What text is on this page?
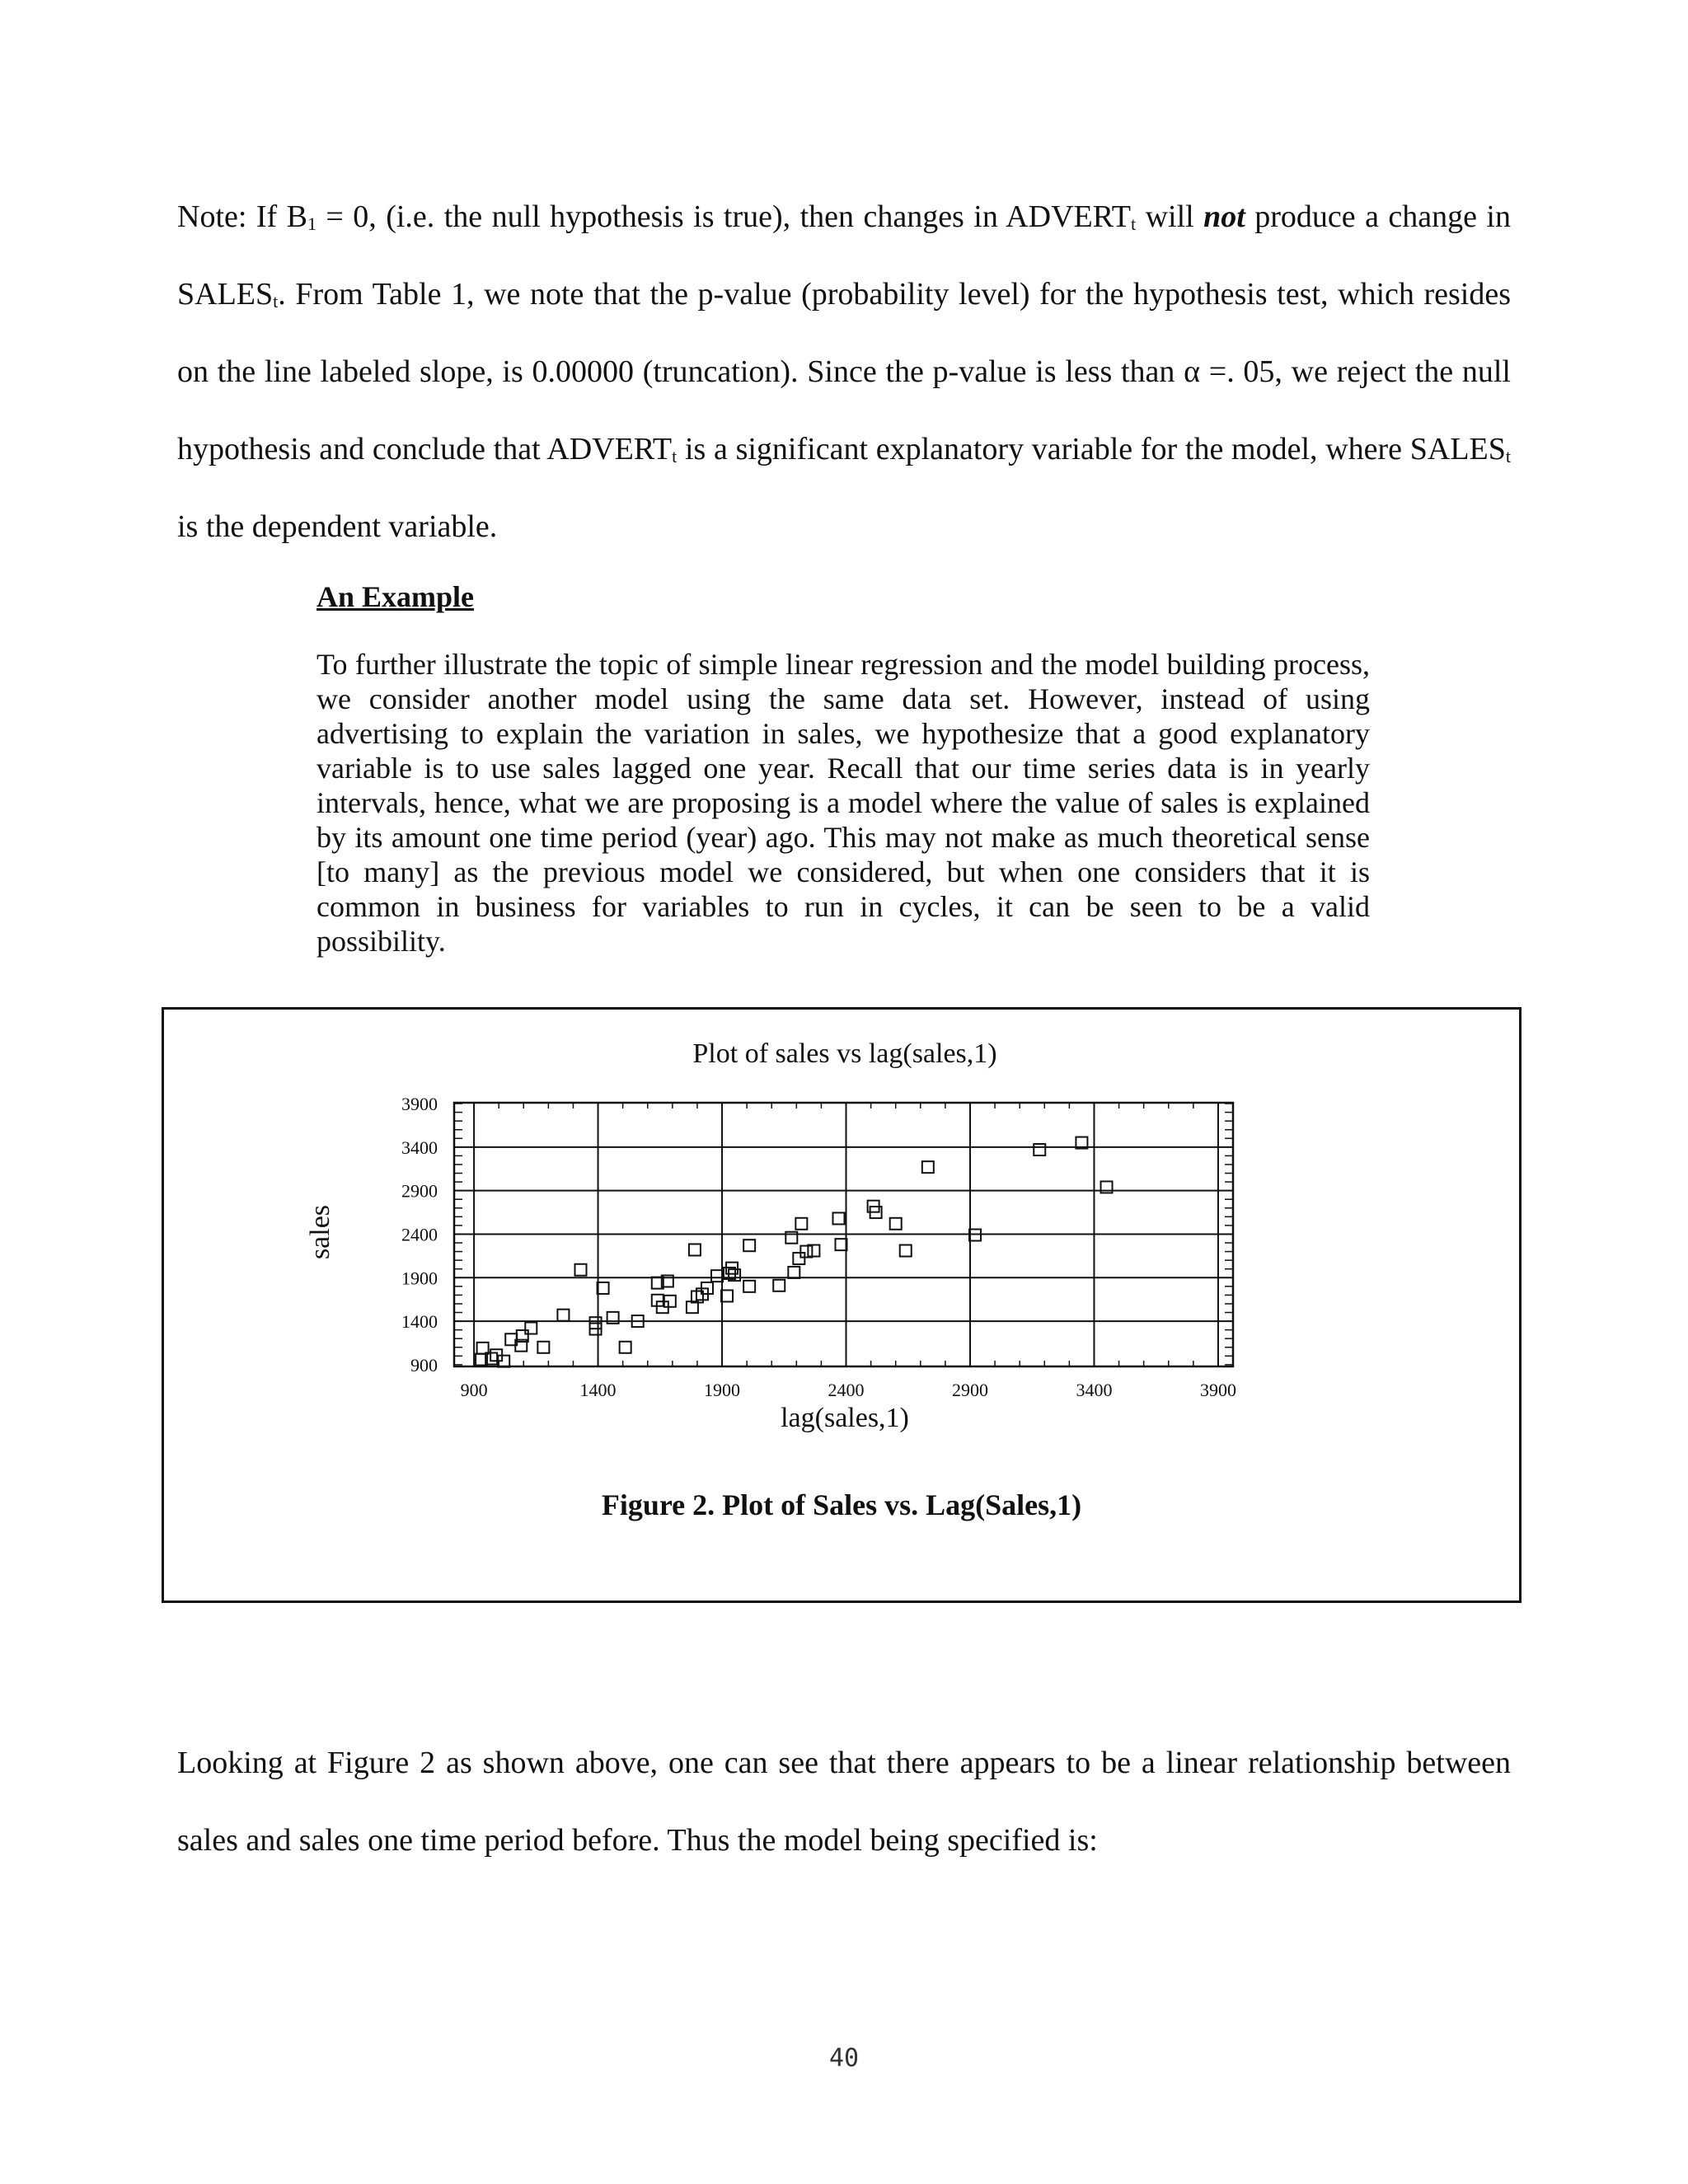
Note: If $B_1 = 0$, (i.e. the null hypothesis is true), then changes in $ADVERT_t$ will not produce a change in $SALES_t$. From Table 1, we note that the p-value (probability level) for the hypothesis test, which resides on the line labeled slope, is 0.00000 (truncation). Since the p-value is less than α =. 05, we reject the null hypothesis and conclude that $ADVERT_t$ is a significant explanatory variable for the model, where $SALES_t$ is the dependent variable.

An Example

To further illustrate the topic of simple linear regression and the model building process, we consider another model using the same data set. However, instead of using advertising to explain the variation in sales, we hypothesize that a good explanatory variable is to use sales lagged one year. Recall that our time series data is in yearly intervals, hence, what we are proposing is a model where the value of sales is explained by its amount one time period (year) ago. This may not make as much theoretical sense [to many] as the previous model we considered, but when one considers that it is common in business for variables to run in cycles, it can be seen to be a valid possibility.

Plot of sales vs lag(sales,1)
sales
lag(sales,1)
900	1400	1900	2400	2900	3400	3900
900
1400
1900
2400
2900
3400
3900

Figure 2. Plot of Sales vs. Lag(Sales,1)

Looking at Figure 2 as shown above, one can see that there appears to be a linear relationship between sales and sales one time period before. Thus the model being specified is:

40
